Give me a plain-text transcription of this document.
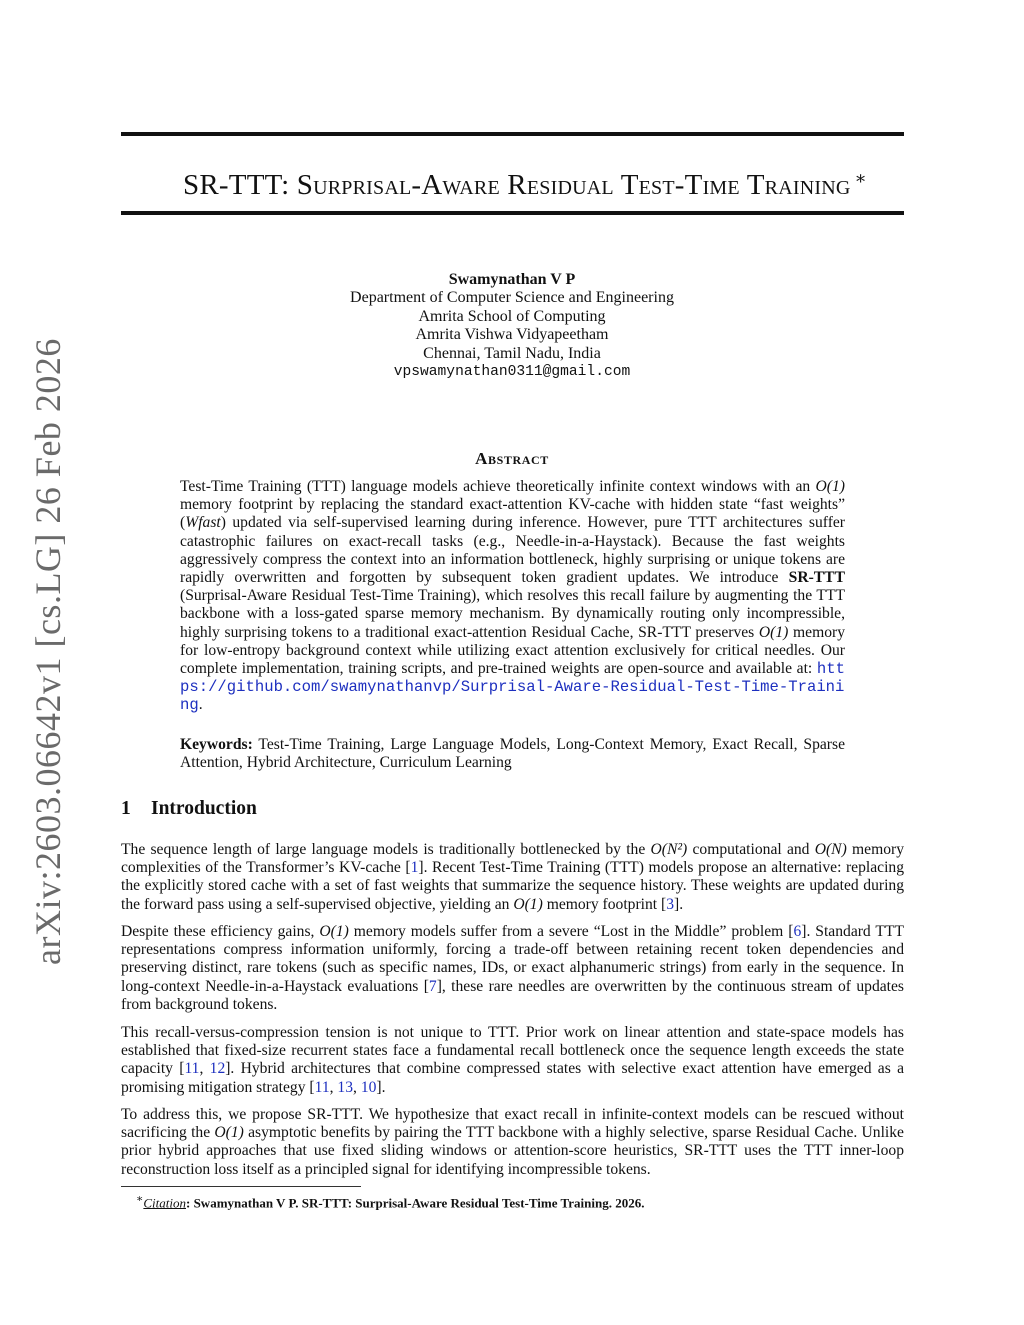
arXiv:2603.06642v1 [cs.LG] 26 Feb 2026
SR-TTT: Surprisal-Aware Residual Test-Time Training ∗
Swamynathan V P
Department of Computer Science and Engineering
Amrita School of Computing
Amrita Vishwa Vidyapeetham
Chennai, Tamil Nadu, India
vpswamynathan0311@gmail.com
Abstract
Test-Time Training (TTT) language models achieve theoretically infinite context windows with an O(1) memory footprint by replacing the standard exact-attention KV-cache with hidden state “fast weights” (Wfast) updated via self-supervised learning during inference. However, pure TTT architectures suffer catastrophic failures on exact-recall tasks (e.g., Needle-in-a-Haystack). Because the fast weights aggressively compress the context into an information bottleneck, highly surprising or unique tokens are rapidly overwritten and forgotten by subsequent token gradient updates. We introduce SR-TTT (Surprisal-Aware Residual Test-Time Training), which resolves this recall failure by augmenting the TTT backbone with a loss-gated sparse memory mechanism. By dynamically routing only incompressible, highly surprising tokens to a traditional exact-attention Residual Cache, SR-TTT preserves O(1) memory for low-entropy background context while utilizing exact attention exclusively for critical needles. Our complete implementation, training scripts, and pre-trained weights are open-source and available at: https://github.com/swamynathanvp/Surprisal-Aware-Residual-Test-Time-Training.
Keywords: Test-Time Training, Large Language Models, Long-Context Memory, Exact Recall, Sparse Attention, Hybrid Architecture, Curriculum Learning
1 Introduction
The sequence length of large language models is traditionally bottlenecked by the O(N²) computational and O(N) memory complexities of the Transformer’s KV-cache [1]. Recent Test-Time Training (TTT) models propose an alternative: replacing the explicitly stored cache with a set of fast weights that summarize the sequence history. These weights are updated during the forward pass using a self-supervised objective, yielding an O(1) memory footprint [3].
Despite these efficiency gains, O(1) memory models suffer from a severe “Lost in the Middle” problem [6]. Standard TTT representations compress information uniformly, forcing a trade-off between retaining recent token dependencies and preserving distinct, rare tokens (such as specific names, IDs, or exact alphanumeric strings) from early in the sequence. In long-context Needle-in-a-Haystack evaluations [7], these rare needles are overwritten by the continuous stream of updates from background tokens.
This recall-versus-compression tension is not unique to TTT. Prior work on linear attention and state-space models has established that fixed-size recurrent states face a fundamental recall bottleneck once the sequence length exceeds the state capacity [11, 12]. Hybrid architectures that combine compressed states with selective exact attention have emerged as a promising mitigation strategy [11, 13, 10].
To address this, we propose SR-TTT. We hypothesize that exact recall in infinite-context models can be rescued without sacrificing the O(1) asymptotic benefits by pairing the TTT backbone with a highly selective, sparse Residual Cache. Unlike prior hybrid approaches that use fixed sliding windows or attention-score heuristics, SR-TTT uses the TTT inner-loop reconstruction loss itself as a principled signal for identifying incompressible tokens.
∗Citation: Swamynathan V P. SR-TTT: Surprisal-Aware Residual Test-Time Training. 2026.
